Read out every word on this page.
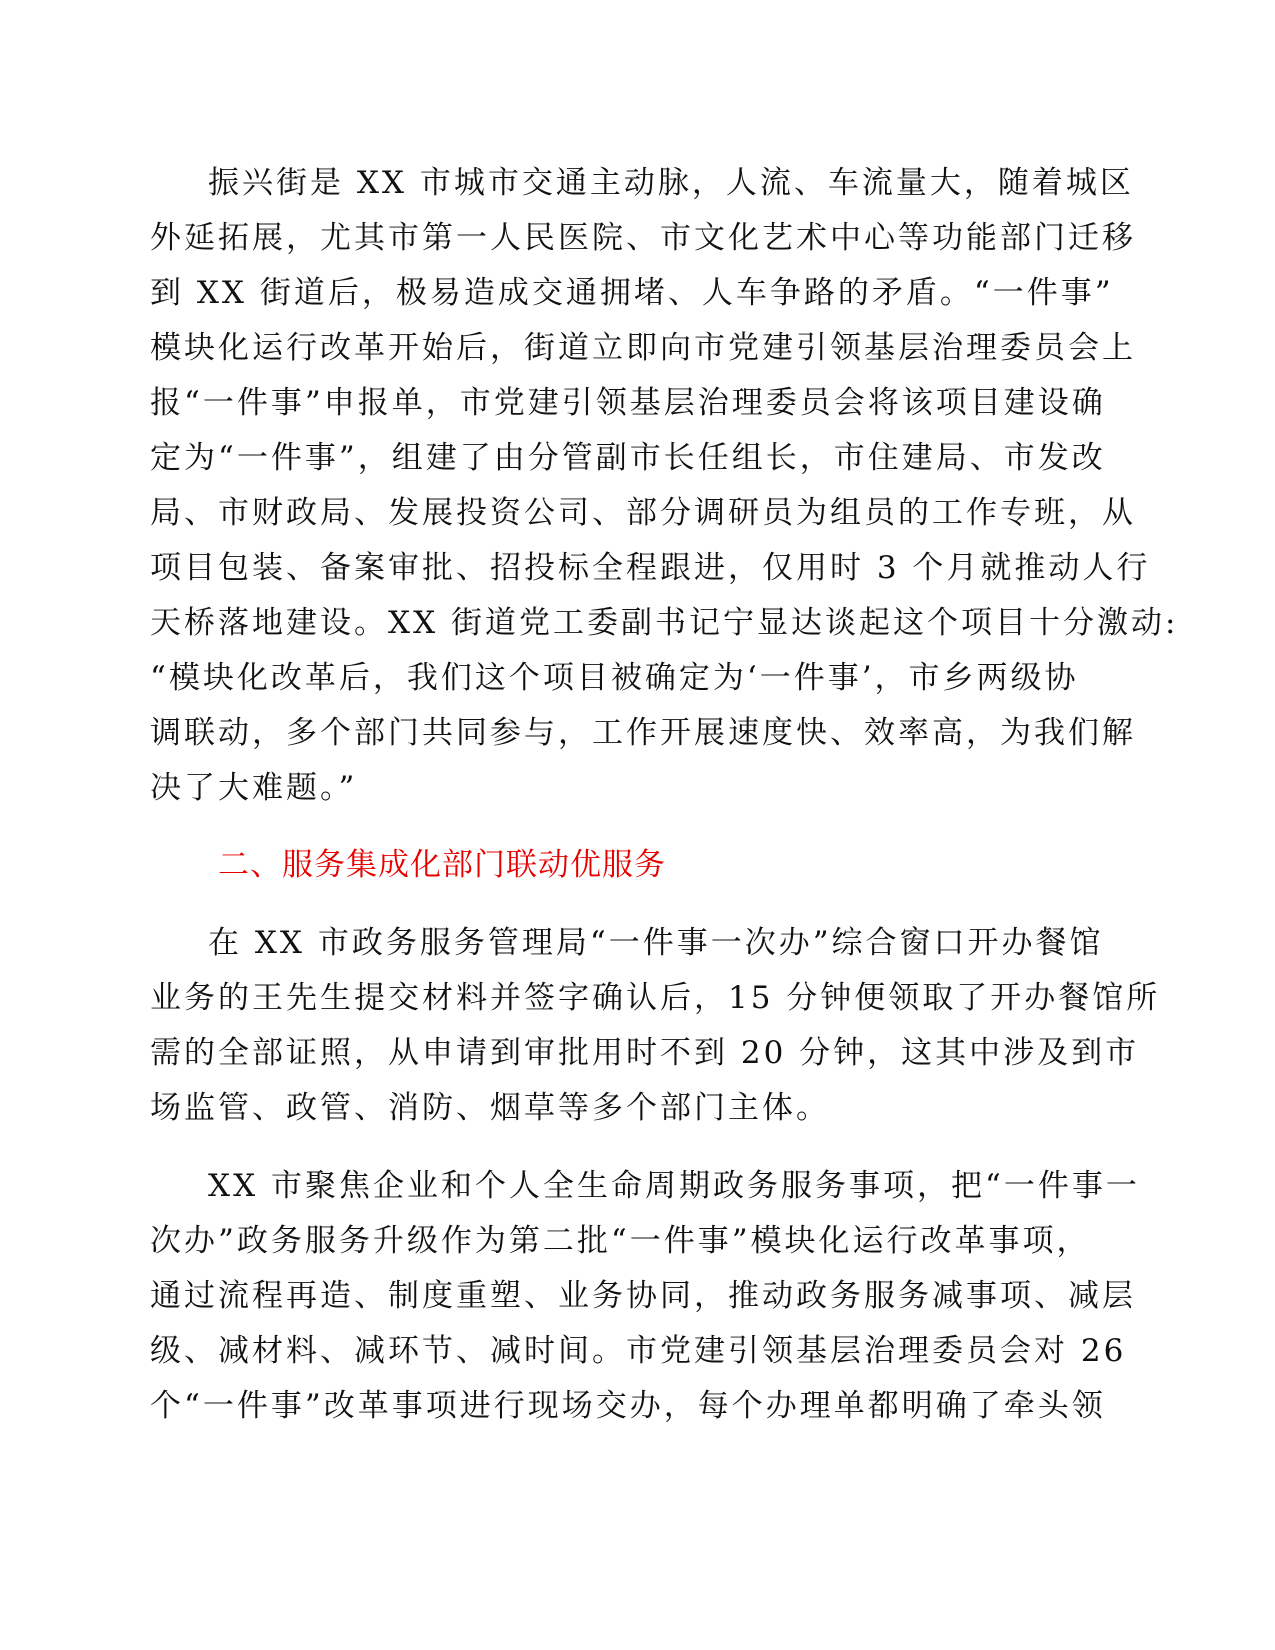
振兴街是 XX 市城市交通主动脉，人流、车流量大，随着城区
外延拓展，尤其市第一人民医院、市文化艺术中心等功能部门迁移
到 XX 街道后，极易造成交通拥堵、人车争路的矛盾。“一件事”
模块化运行改革开始后，街道立即向市党建引领基层治理委员会上
报“一件事”申报单，市党建引领基层治理委员会将该项目建设确
定为“一件事”，组建了由分管副市长任组长，市住建局、市发改
局、市财政局、发展投资公司、部分调研员为组员的工作专班，从
项目包装、备案审批、招投标全程跟进，仅用时 3 个月就推动人行
天桥落地建设。XX 街道党工委副书记宁显达谈起这个项目十分激动:
“模块化改革后，我们这个项目被确定为‘一件事’，市乡两级协
调联动，多个部门共同参与，工作开展速度快、效率高，为我们解
决了大难题。”
二、服务集成化部门联动优服务
在 XX 市政务服务管理局“一件事一次办”综合窗口开办餐馆
业务的王先生提交材料并签字确认后，15 分钟便领取了开办餐馆所
需的全部证照，从申请到审批用时不到 20 分钟，这其中涉及到市
场监管、政管、消防、烟草等多个部门主体。
XX 市聚焦企业和个人全生命周期政务服务事项，把“一件事一
次办”政务服务升级作为第二批“一件事”模块化运行改革事项，
通过流程再造、制度重塑、业务协同，推动政务服务减事项、减层
级、减材料、减环节、减时间。市党建引领基层治理委员会对 26
个“一件事”改革事项进行现场交办，每个办理单都明确了牵头领
